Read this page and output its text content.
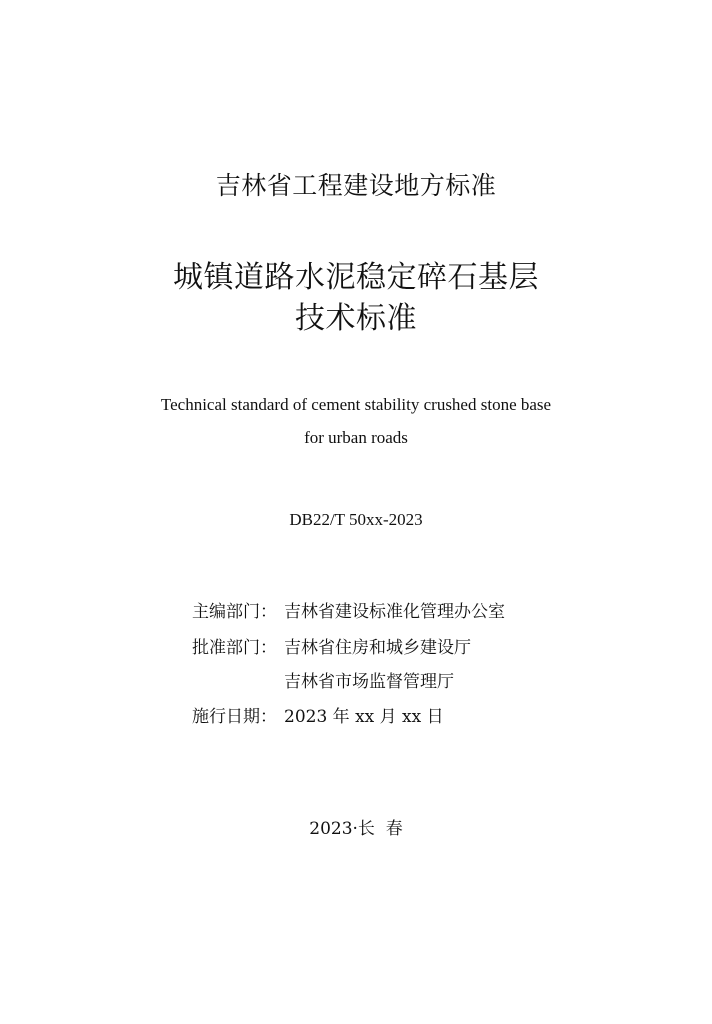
吉林省工程建设地方标准
城镇道路水泥稳定碎石基层
技术标准
Technical standard of cement stability crushed stone base
for urban roads
DB22/T 50xx-2023
主编部门： 吉林省建设标准化管理办公室
批准部门： 吉林省住房和城乡建设厅
吉林省市场监督管理厅
施行日期： 2023 年 xx 月 xx 日
2023·长  春
